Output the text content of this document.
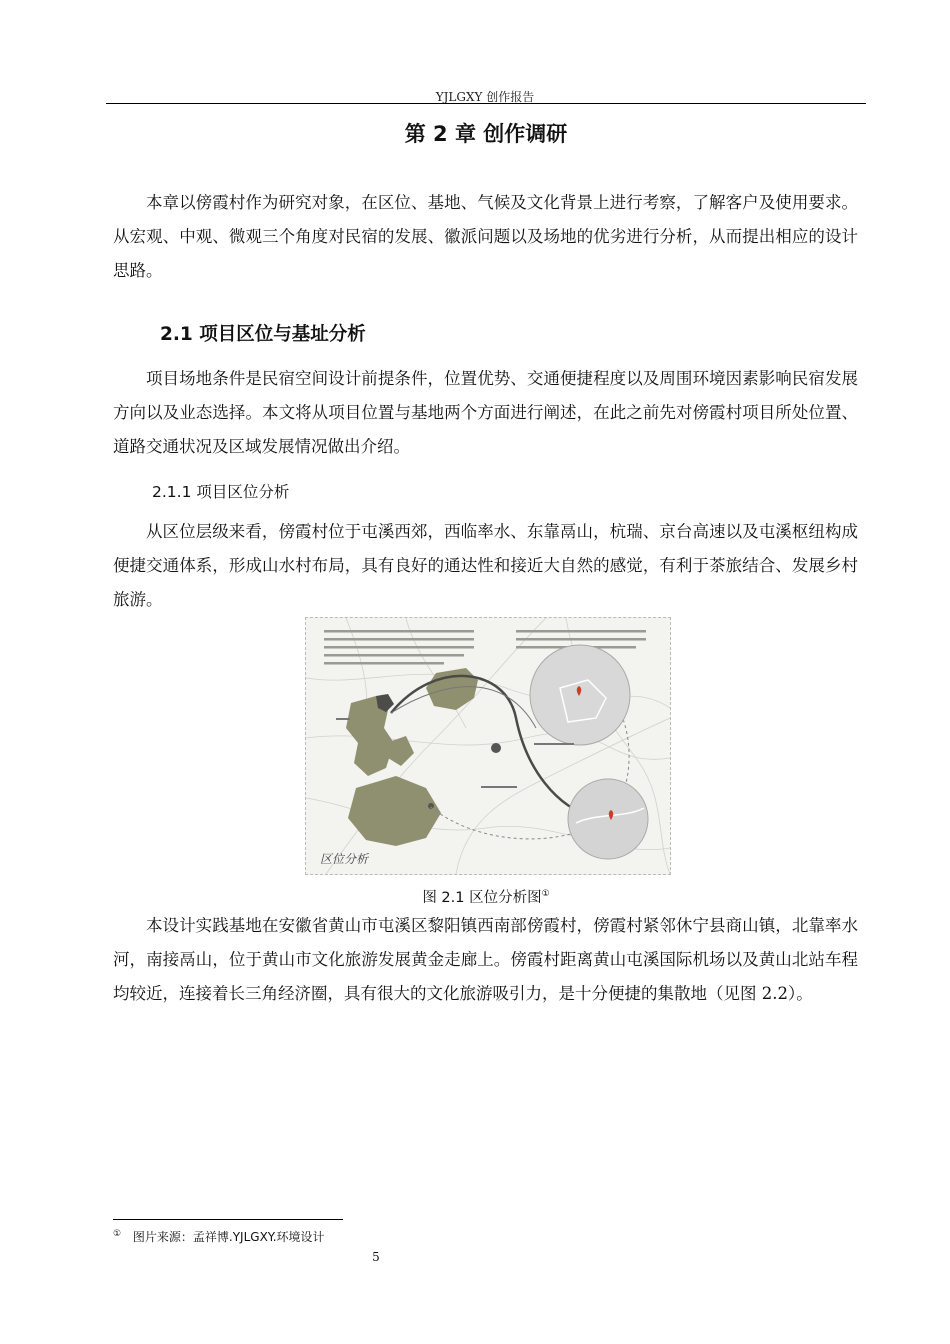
YJLGXY 创作报告
第 2 章 创作调研

本章以傍霞村作为研究对象，在区位、基地、气候及文化背景上进行考察，了解客户及使用要求。从宏观、中观、微观三个角度对民宿的发展、徽派问题以及场地的优劣进行分析，从而提出相应的设计思路。

2.1 项目区位与基址分析

项目场地条件是民宿空间设计前提条件，位置优势、交通便捷程度以及周围环境因素影响民宿发展方向以及业态选择。本文将从项目位置与基地两个方面进行阐述，在此之前先对傍霞村项目所处位置、道路交通状况及区域发展情况做出介绍。

2.1.1 项目区位分析

从区位层级来看，傍霞村位于屯溪西郊，西临率水、东靠鬲山，杭瑞、京台高速以及屯溪枢纽构成便捷交通体系，形成山水村布局，具有良好的通达性和接近大自然的感觉，有利于茶旅结合、发展乡村旅游。

区位分析
图 2.1 区位分析图①

本设计实践基地在安徽省黄山市屯溪区黎阳镇西南部傍霞村，傍霞村紧邻休宁县商山镇，北靠率水河，南接鬲山，位于黄山市文化旅游发展黄金走廊上。傍霞村距离黄山屯溪国际机场以及黄山北站车程均较近，连接着长三角经济圈，具有很大的文化旅游吸引力，是十分便捷的集散地（见图 2.2）。

① 图片来源：孟祥博.YJLGXY.环境设计
5
